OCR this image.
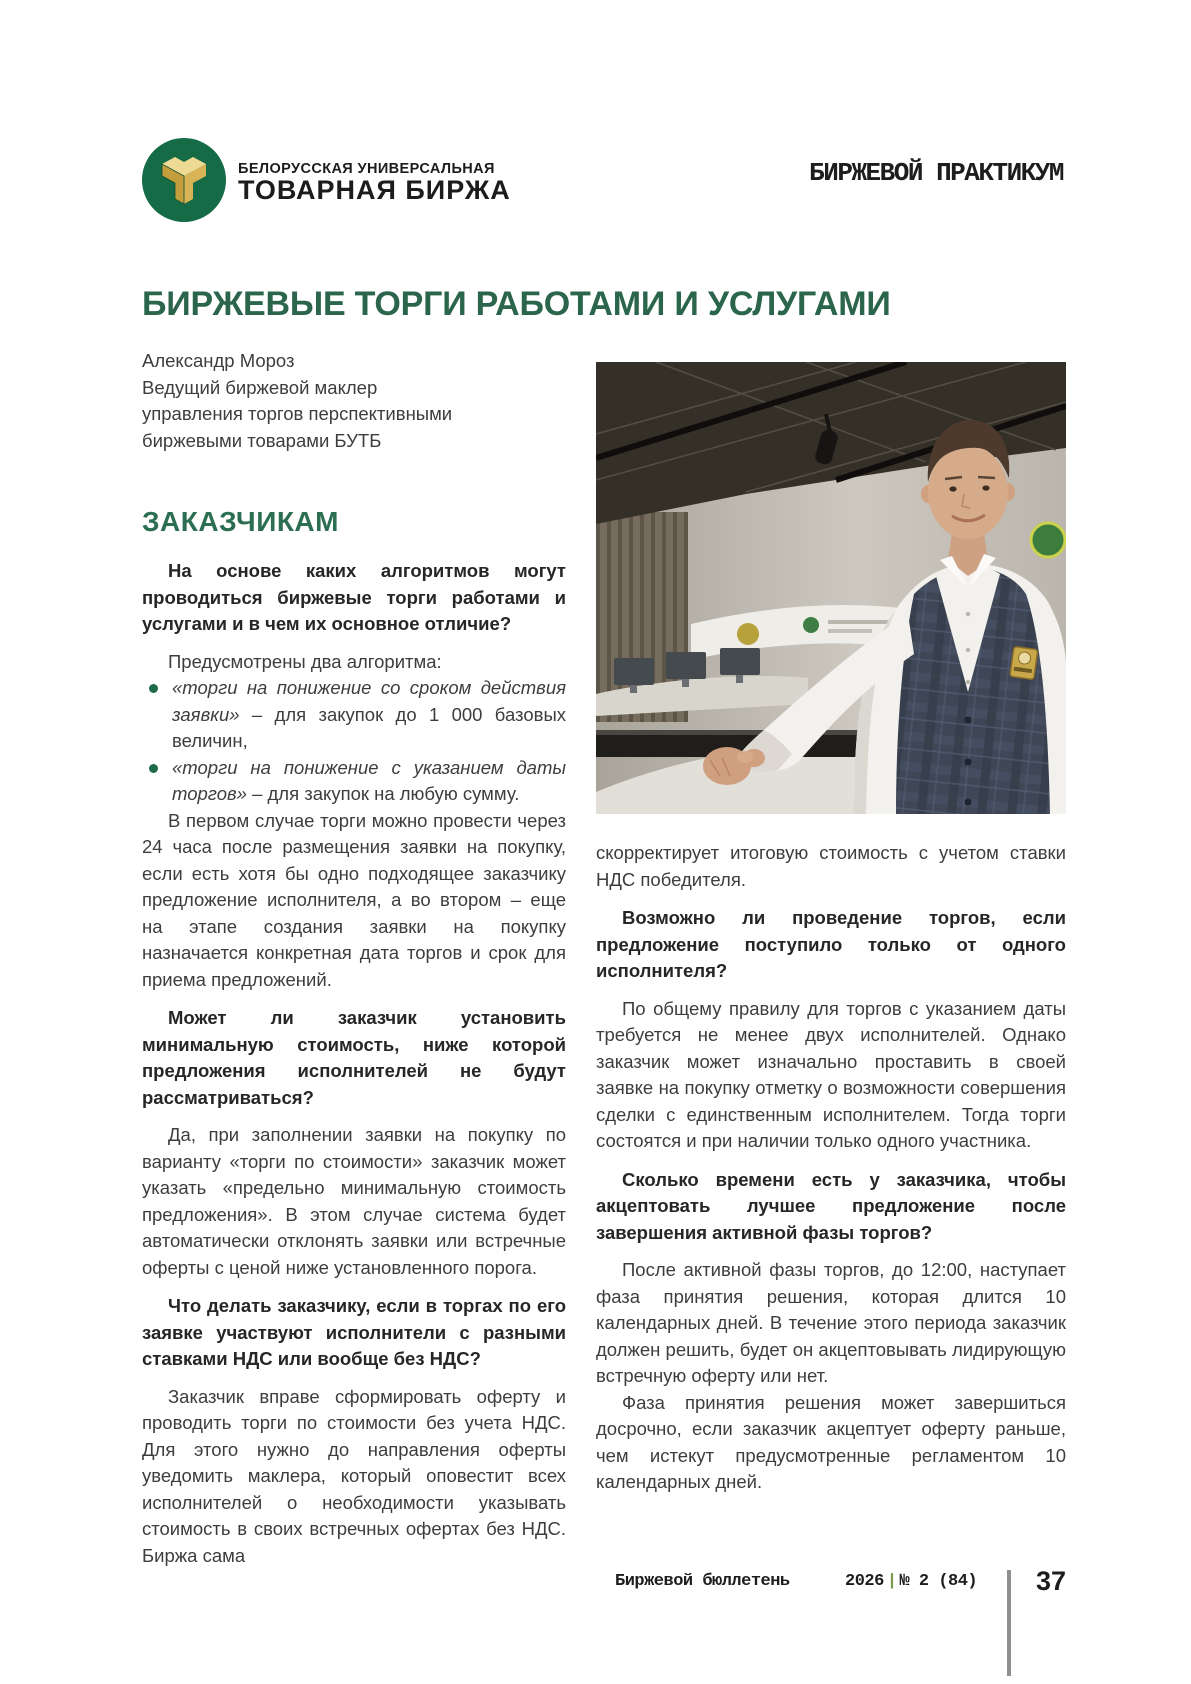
БЕЛОРУССКАЯ УНИВЕРСАЛЬНАЯ
ТОВАРНАЯ БИРЖА
БИРЖЕВОЙ ПРАКТИКУМ
БИРЖЕВЫЕ ТОРГИ РАБОТАМИ И УСЛУГАМИ

Александр Мороз

Ведущий биржевой маклер

управления торгов перспективными

биржевыми товарами БУТБ

ЗАКАЗЧИКАМ

На основе каких алгоритмов могут проводиться биржевые торги работами и услугами и в чем их основное отличие?

Предусмотрены два алгоритма:

«торги на понижение со сроком действия заявки» – для закупок до 1 000 базовых величин,

«торги на понижение с указанием даты торгов» – для закупок на любую сумму.

В первом случае торги можно провести через 24 часа после размещения заявки на покупку, если есть хотя бы одно подходящее заказчику предложение исполнителя, а во втором – еще на этапе создания заявки на покупку назначается конкретная дата торгов и срок для приема предложений.

Может ли заказчик установить минимальную стоимость, ниже которой предложения исполнителей не будут рассматриваться?

Да, при заполнении заявки на покупку по варианту «торги по стоимости» заказчик может указать «предельно минимальную стоимость предложения». В этом случае система будет автоматически отклонять заявки или встречные оферты с ценой ниже установленного порога.

Что делать заказчику, если в торгах по его заявке участвуют исполнители с разными ставками НДС или вообще без НДС?

Заказчик вправе сформировать оферту и проводить торги по стоимости без учета НДС. Для этого нужно до направления оферты уведомить маклера, который оповестит всех исполнителей о необходимости указывать стоимость в своих встречных офертах без НДС. Биржа сама

скорректирует итоговую стоимость с учетом ставки НДС победителя.

Возможно ли проведение торгов, если предложение поступило только от одного исполнителя?

По общему правилу для торгов с указанием даты требуется не менее двух исполнителей. Однако заказчик может изначально проставить в своей заявке на покупку отметку о возможности совершения сделки с единственным исполнителем. Тогда торги состоятся и при наличии только одного участника.

Сколько времени есть у заказчика, чтобы акцептовать лучшее предложение после завершения активной фазы торгов?

После активной фазы торгов, до 12:00, наступает фаза принятия решения, которая длится 10 календарных дней. В течение этого периода заказчик должен решить, будет он акцептовывать лидирующую встречную оферту или нет.

Фаза принятия решения может завершиться досрочно, если заказчик акцептует оферту раньше, чем истекут предусмотренные регламентом 10 календарных дней.

Биржевой бюллетень	2026 | № 2 (84) 37
